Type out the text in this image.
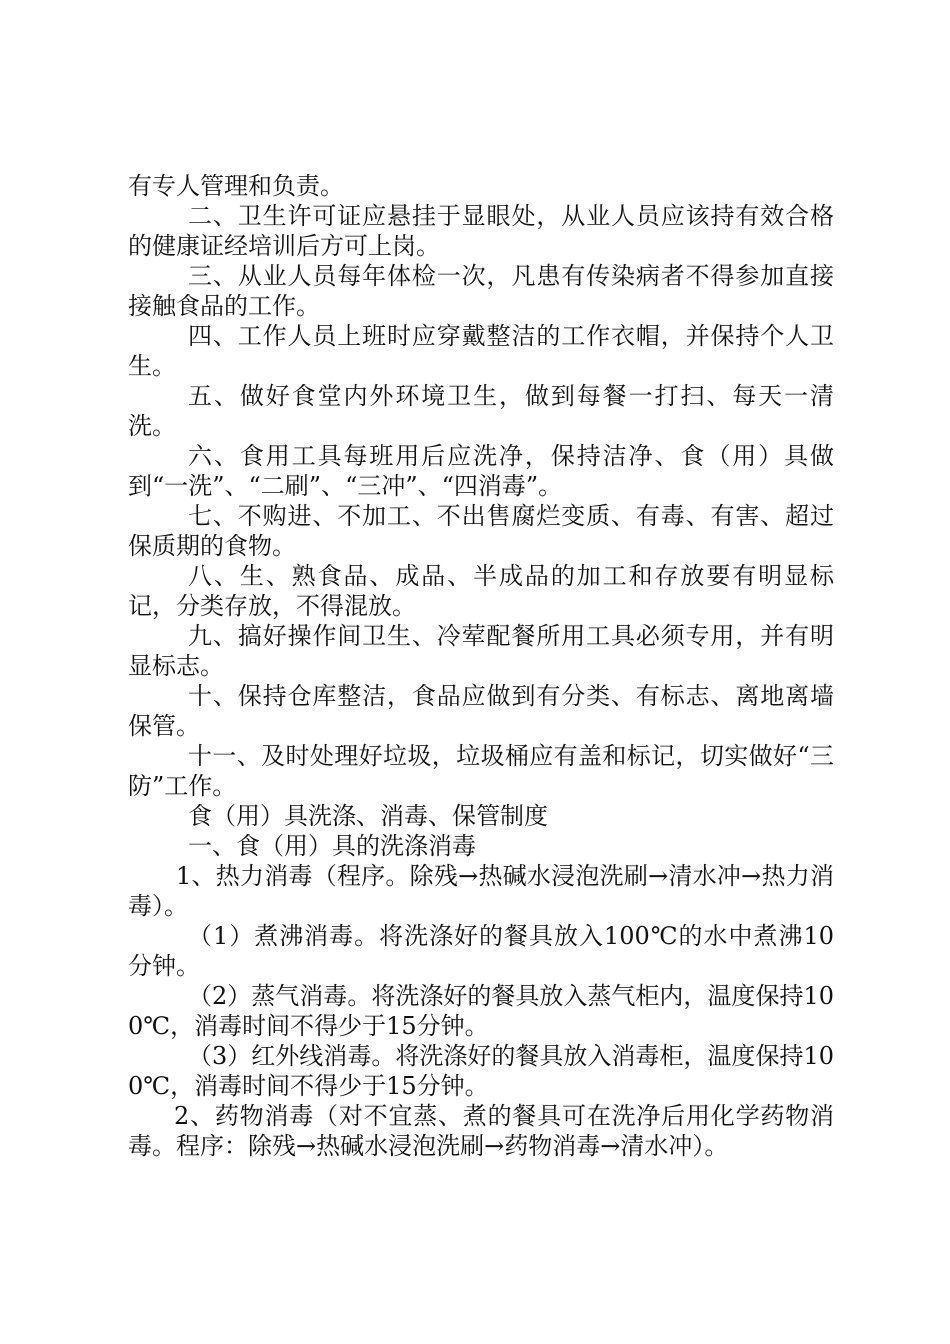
有专人管理和负责。

二、卫生许可证应悬挂于显眼处，从业人员应该持有效合格的健康证经培训后方可上岗。

三、从业人员每年体检一次，凡患有传染病者不得参加直接接触食品的工作。

四、工作人员上班时应穿戴整洁的工作衣帽，并保持个人卫生。

五、做好食堂内外环境卫生，做到每餐一打扫、每天一清洗。

六、食用工具每班用后应洗净，保持洁净、食（用）具做到“一洗”、“二刷”、“三冲”、“四消毒”。

七、不购进、不加工、不出售腐烂变质、有毒、有害、超过保质期的食物。

八、生、熟食品、成品、半成品的加工和存放要有明显标记，分类存放，不得混放。

九、搞好操作间卫生、冷荤配餐所用工具必须专用，并有明显标志。

十、保持仓库整洁，食品应做到有分类、有标志、离地离墙保管。

十一、及时处理好垃圾，垃圾桶应有盖和标记，切实做好“三防”工作。

食（用）具洗涤、消毒、保管制度

一、食（用）具的洗涤消毒

1、热力消毒（程序。除残→热碱水浸泡洗刷→清水冲→热力消毒）。

（1）煮沸消毒。将洗涤好的餐具放入100℃的水中煮沸10分钟。

（2）蒸气消毒。将洗涤好的餐具放入蒸气柜内，温度保持100℃，消毒时间不得少于15分钟。

（3）红外线消毒。将洗涤好的餐具放入消毒柜，温度保持100℃，消毒时间不得少于15分钟。

2、药物消毒（对不宜蒸、煮的餐具可在洗净后用化学药物消毒。程序：除残→热碱水浸泡洗刷→药物消毒→清水冲）。
